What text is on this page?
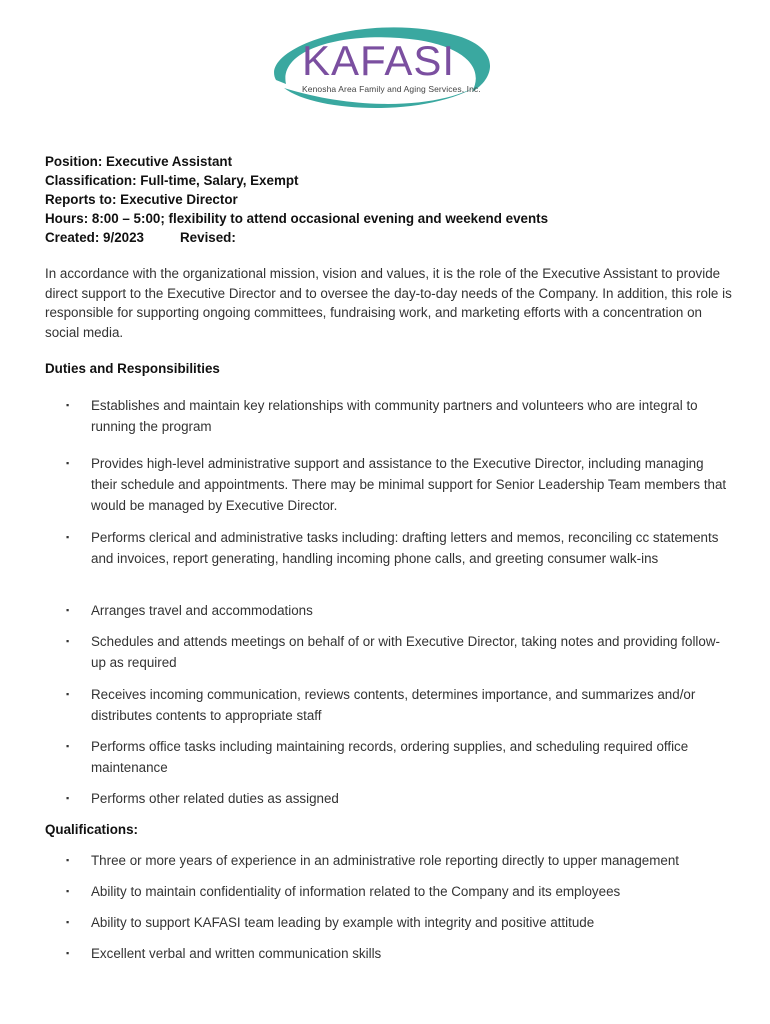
KAFASI
Kenosha Area Family and Aging Services, Inc.
Position: Executive Assistant
Classification: Full-time, Salary, Exempt
Reports to: Executive Director
Hours: 8:00 – 5:00; flexibility to attend occasional evening and weekend events
Created: 9/2023	Revised:
In accordance with the organizational mission, vision and values, it is the role of the Executive Assistant to provide direct support to the Executive Director and to oversee the day-to-day needs of the Company. In addition, this role is responsible for supporting ongoing committees, fundraising work, and marketing efforts with a concentration on social media.
Duties and Responsibilities
▪	Establishes and maintain key relationships with community partners and volunteers who are integral to running the program
▪	Provides high-level administrative support and assistance to the Executive Director, including managing their schedule and appointments. There may be minimal support for Senior Leadership Team members that would be managed by Executive Director.
▪	Performs clerical and administrative tasks including: drafting letters and memos, reconciling cc statements and invoices, report generating, handling incoming phone calls, and greeting consumer walk-ins
▪	Arranges travel and accommodations
▪	Schedules and attends meetings on behalf of or with Executive Director, taking notes and providing follow-up as required
▪	Receives incoming communication, reviews contents, determines importance, and summarizes and/or distributes contents to appropriate staff
▪	Performs office tasks including maintaining records, ordering supplies, and scheduling required office maintenance
▪	Performs other related duties as assigned
Qualifications:
▪	Three or more years of experience in an administrative role reporting directly to upper management
▪	Ability to maintain confidentiality of information related to the Company and its employees
▪	Ability to support KAFASI team leading by example with integrity and positive attitude
▪	Excellent verbal and written communication skills
